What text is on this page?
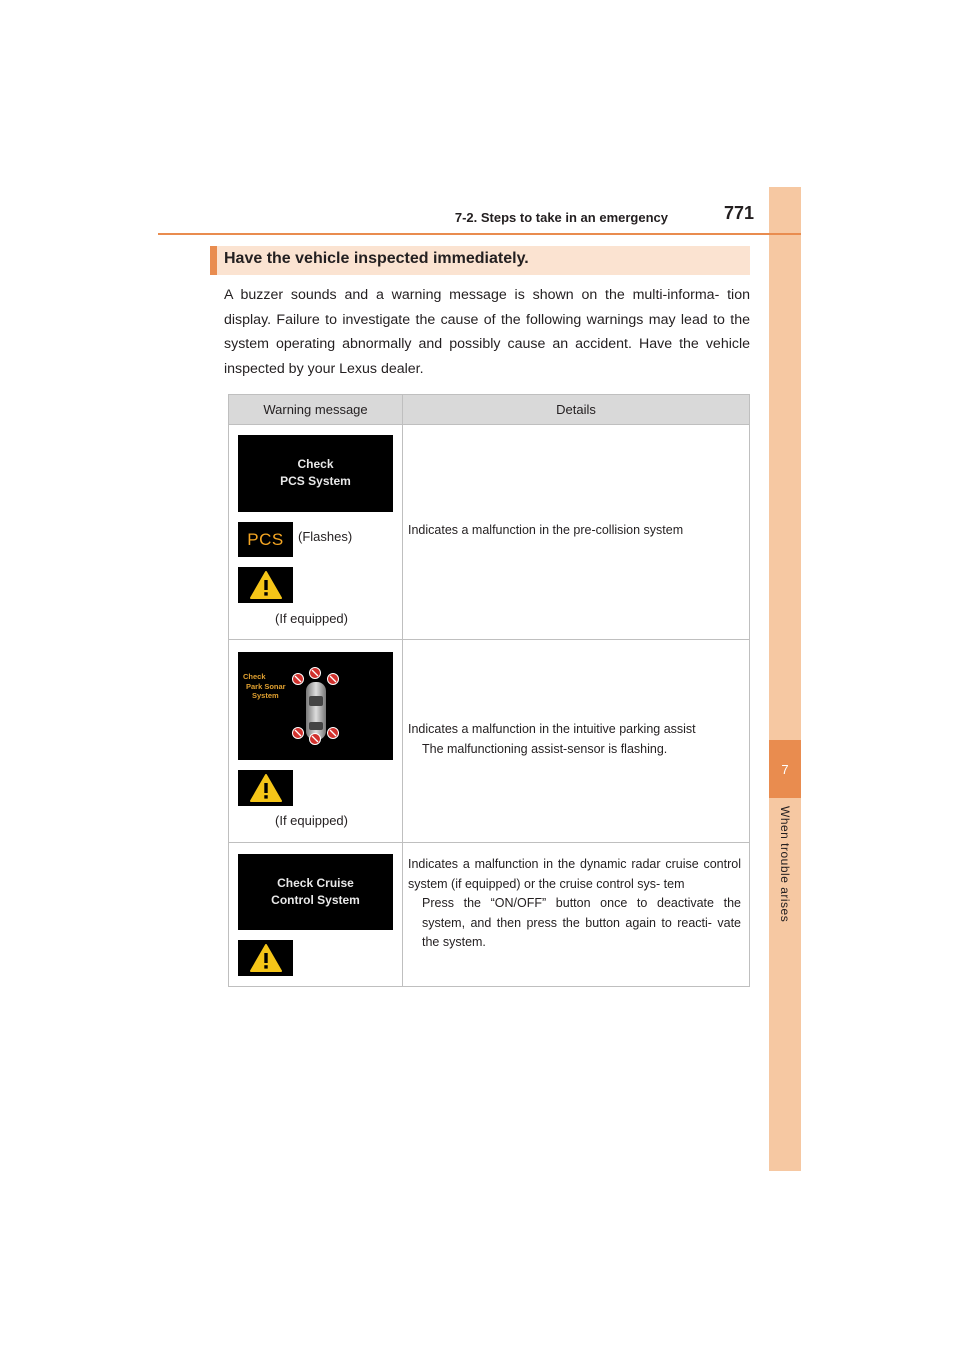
7
When trouble arises
7-2. Steps to take in an emergency	771
Have the vehicle inspected immediately.
A buzzer sounds and a warning message is shown on the multi-informa- tion display. Failure to investigate the cause of the following warnings may lead to the system operating abnormally and possibly cause an accident. Have the vehicle inspected by your Lexus dealer.
Warning message	Details
Check
PCS System
PCS (Flashes)
(If equipped)
Indicates a malfunction in the pre-collision system
Check
Park Sonar
System
(If equipped)
Indicates a malfunction in the intuitive parking assist
The malfunctioning assist-sensor is flashing.
Check Cruise
Control System
Indicates a malfunction in the dynamic radar cruise control system (if equipped) or the cruise control sys- tem
Press the “ON/OFF” button once to deactivate the system, and then press the button again to reacti- vate the system.
